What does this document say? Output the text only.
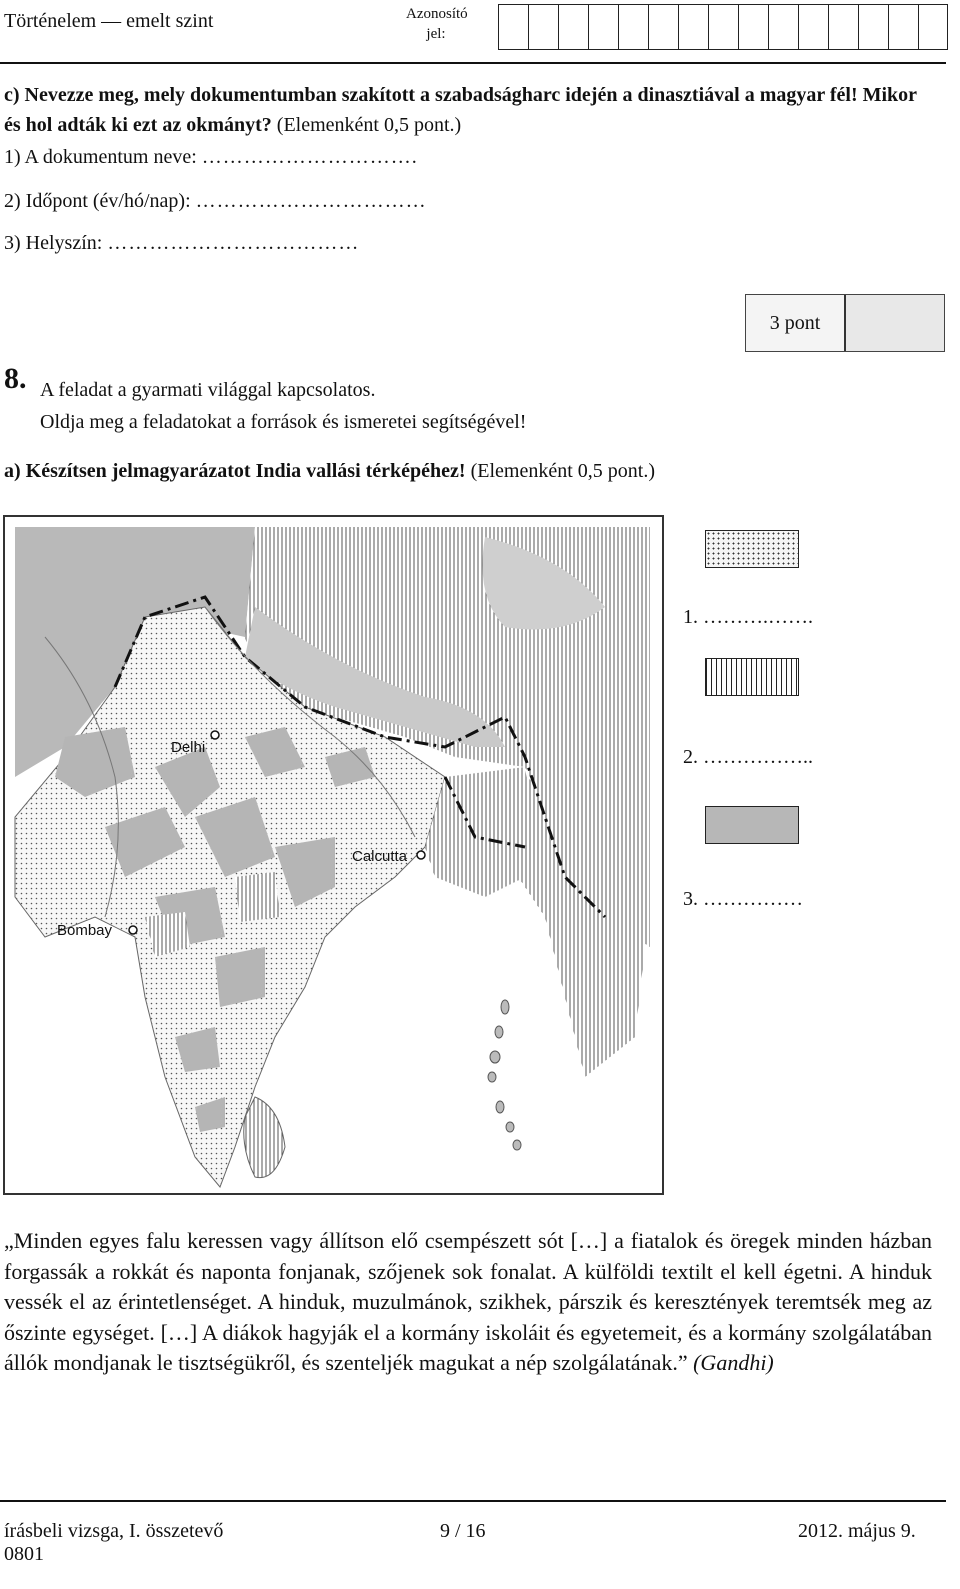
Történelem — emelt szint	Azonosító
jel:
c) Nevezze meg, mely dokumentumban szakított a szabadságharc idején a dinasztiával a magyar fél! Mikor és hol adták ki ezt az okmányt? (Elemenként 0,5 pont.)
1) A dokumentum neve: ………………………….
2) Időpont (év/hó/nap): ……………………………
3) Helyszín: ………………………………
3 pont
8. A feladat a gyarmati világgal kapcsolatos.
Oldja meg a feladatokat a források és ismeretei segítségével!
a) Készítsen jelmagyarázatot India vallási térképéhez! (Elemenként 0,5 pont.)
Delhi
Calcutta
Bombay
1. ……….…….
2. ……………..
3. ……………
„Minden egyes falu keressen vagy állítson elő csempészett sót […] a fiatalok és öregek minden házban forgassák a rokkát és naponta fonjanak, szőjenek sok fonalat. A külföldi textilt el kell égetni. A hinduk vessék el az érintetlenséget. A hinduk, muzulmánok, szikhek, párszik és keresztények teremtsék meg az őszinte egységet. […] A diákok hagyják el a kormány iskoláit és egyetemeit, és a kormány szolgálatában állók mondjanak le tisztségükről, és szenteljék magukat a nép szolgálatának.” (Gandhi)
írásbeli vizsga, I. összetevő
0801
9 / 16	2012. május 9.
